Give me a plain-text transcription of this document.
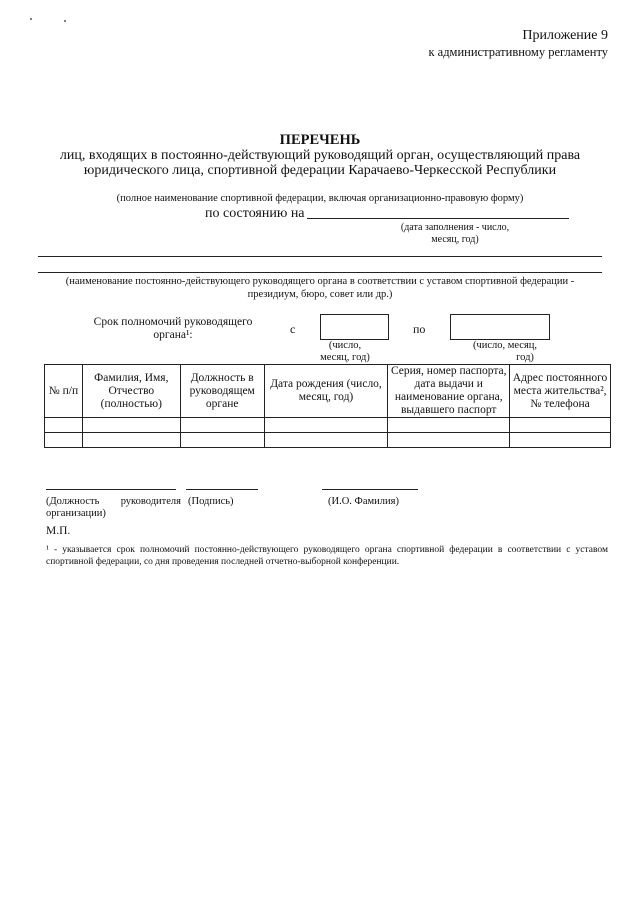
Приложение 9
к административному регламенту
ПЕРЕЧЕНЬ
лиц, входящих в постоянно-действующий руководящий орган, осуществляющий права
юридического лица, спортивной федерации Карачаево-Черкесской Республики
(полное наименование спортивной федерации, включая организационно-правовую форму)
по состоянию на
(дата заполнения - число,
месяц, год)
(наименование постоянно-действующего руководящего органа в соответствии с уставом спортивной федерации -
президиум, бюро, совет или др.)
Срок полномочий руководящего
органа¹:	с	по
(число,
месяц, год)
(число, месяц,
год)
№ п/п	Фамилия, Имя, Отчество (полностью)	Должность в руководящем органе	Дата рождения (число, месяц, год)	Серия, номер паспорта, дата выдачи и наименование органа, выдавшего паспорт	Адрес постоянного места жительства², № телефона

(Должность руководителя организации)
(Подпись)	(И.О. Фамилия)
М.П.
¹ - указывается срок полномочий постоянно-действующего руководящего органа спортивной федерации в соответствии с уставом спортивной федерации, со дня проведения последней отчетно-выборной конференции.
